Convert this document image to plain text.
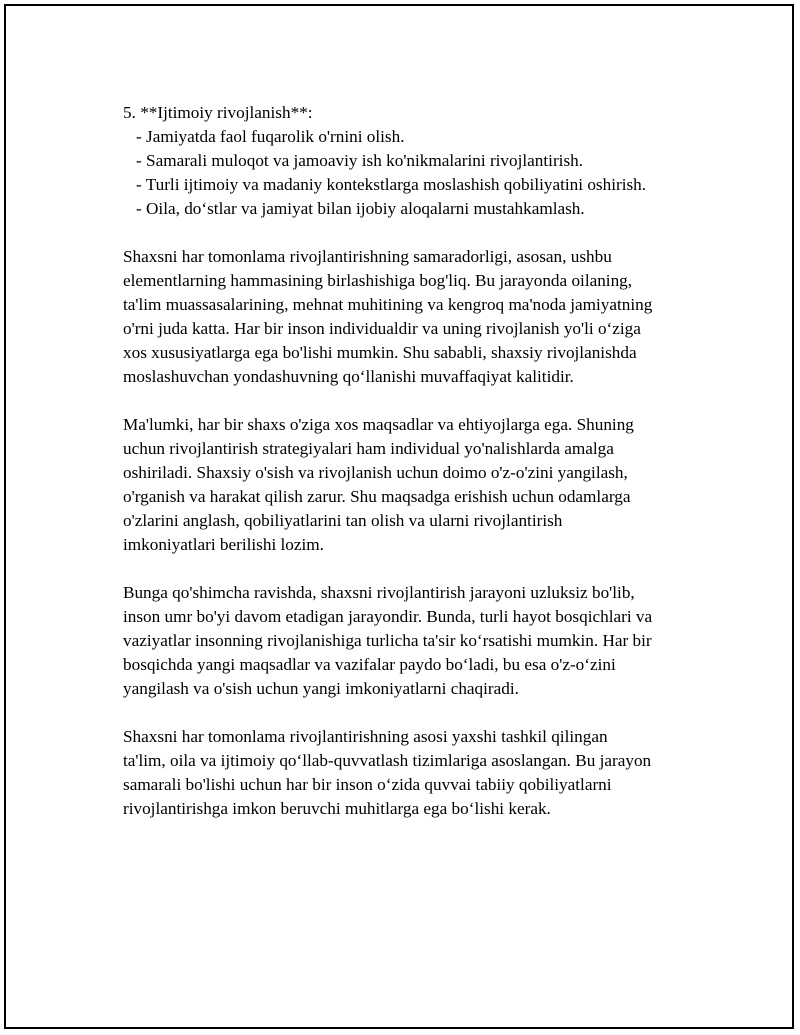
5. **Ijtimoiy rivojlanish**:

- Jamiyatda faol fuqarolik o'rnini olish.
- Samarali muloqot va jamoaviy ish ko'nikmalarini rivojlantirish.
- Turli ijtimoiy va madaniy kontekstlarga moslashish qobiliyatini oshirish.
- Oila, do‘stlar va jamiyat bilan ijobiy aloqalarni mustahkamlash.

Shaxsni har tomonlama rivojlantirishning samaradorligi, asosan, ushbu
elementlarning hammasining birlashishiga bog'liq. Bu jarayonda oilaning,
ta'lim muassasalarining, mehnat muhitining va kengroq ma'noda jamiyatning
o'rni juda katta. Har bir inson individualdir va uning rivojlanish yo'li o‘ziga
xos xususiyatlarga ega bo'lishi mumkin. Shu sababli, shaxsiy rivojlanishda
moslashuvchan yondashuvning qo‘llanishi muvaffaqiyat kalitidir.

Ma'lumki, har bir shaxs o'ziga xos maqsadlar va ehtiyojlarga ega. Shuning
uchun rivojlantirish strategiyalari ham individual yo'nalishlarda amalga
oshiriladi. Shaxsiy o'sish va rivojlanish uchun doimo o'z-o'zini yangilash,
o'rganish va harakat qilish zarur. Shu maqsadga erishish uchun odamlarga
o'zlarini anglash, qobiliyatlarini tan olish va ularni rivojlantirish
imkoniyatlari berilishi lozim.

Bunga qo'shimcha ravishda, shaxsni rivojlantirish jarayoni uzluksiz bo'lib,
inson umr bo'yi davom etadigan jarayondir. Bunda, turli hayot bosqichlari va
vaziyatlar insonning rivojlanishiga turlicha ta'sir ko‘rsatishi mumkin. Har bir
bosqichda yangi maqsadlar va vazifalar paydo bo‘ladi, bu esa o'z-o‘zini
yangilash va o'sish uchun yangi imkoniyatlarni chaqiradi.

Shaxsni har tomonlama rivojlantirishning asosi yaxshi tashkil qilingan
ta'lim, oila va ijtimoiy qo‘llab-quvvatlash tizimlariga asoslangan. Bu jarayon
samarali bo'lishi uchun har bir inson o‘zida quvvai tabiiy qobiliyatlarni
rivojlantirishga imkon beruvchi muhitlarga ega bo‘lishi kerak.
